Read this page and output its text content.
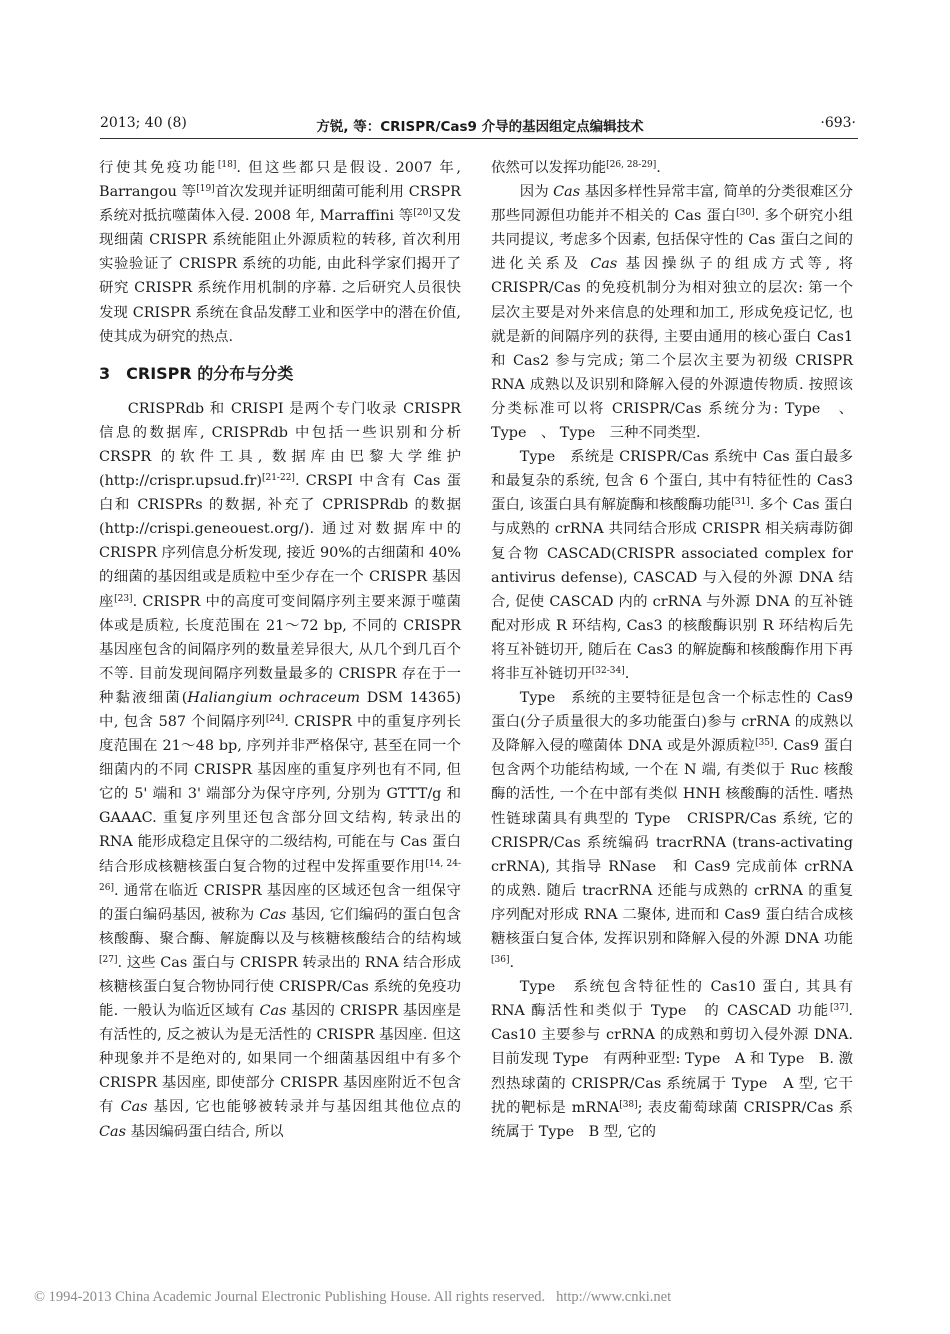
2013; 40 (8)	方锐, 等：CRISPR/Cas9 介导的基因组定点编辑技术	·693·

行使其免疫功能[18]. 但这些都只是假设. 2007 年, Barrangou 等[19]首次发现并证明细菌可能利用 CRSPR 系统对抵抗噬菌体入侵. 2008 年, Marraffini 等[20]又发现细菌 CRISPR 系统能阻止外源质粒的转移, 首次利用实验验证了 CRISPR 系统的功能, 由此科学家们揭开了研究 CRISPR 系统作用机制的序幕. 之后研究人员很快发现 CRISPR 系统在食品发酵工业和医学中的潜在价值, 使其成为研究的热点.

3　CRISPR 的分布与分类

CRISPRdb 和 CRISPI 是两个专门收录 CRISPR 信息的数据库, CRISPRdb 中包括一些识别和分析 CRSPR 的软件工具, 数据库由巴黎大学维护(http://crispr.upsud.fr)[21-22]. CRSPI 中含有 Cas 蛋白和 CRISPRs 的数据, 补充了 CPRISPRdb 的数据(http://crispi.geneouest.org/). 通过对数据库中的 CRISPR 序列信息分析发现, 接近 90%的古细菌和 40%的细菌的基因组或是质粒中至少存在一个 CRISPR 基因座[23]. CRISPR 中的高度可变间隔序列主要来源于噬菌体或是质粒, 长度范围在 21～72 bp, 不同的 CRISPR 基因座包含的间隔序列的数量差异很大, 从几个到几百个不等. 目前发现间隔序列数量最多的 CRISPR 存在于一种黏液细菌(Haliangium ochraceum DSM 14365)中, 包含 587 个间隔序列[24]. CRISPR 中的重复序列长度范围在 21～48 bp, 序列并非严格保守, 甚至在同一个细菌内的不同 CRISPR 基因座的重复序列也有不同, 但它的 5' 端和 3' 端部分为保守序列, 分别为 GTTT/g 和 GAAAC. 重复序列里还包含部分回文结构, 转录出的 RNA 能形成稳定且保守的二级结构, 可能在与 Cas 蛋白结合形成核糖核蛋白复合物的过程中发挥重要作用[14, 24-26]. 通常在临近 CRISPR 基因座的区域还包含一组保守的蛋白编码基因, 被称为 Cas 基因, 它们编码的蛋白包含核酸酶、聚合酶、解旋酶以及与核糖核酸结合的结构域[27]. 这些 Cas 蛋白与 CRISPR 转录出的 RNA 结合形成核糖核蛋白复合物协同行使 CRISPR/Cas 系统的免疫功能. 一般认为临近区域有 Cas 基因的 CRISPR 基因座是有活性的, 反之被认为是无活性的 CRISPR 基因座. 但这种现象并不是绝对的, 如果同一个细菌基因组中有多个 CRISPR 基因座, 即使部分 CRISPR 基因座附近不包含有 Cas 基因, 它也能够被转录并与基因组其他位点的 Cas 基因编码蛋白结合, 所以

依然可以发挥功能[26, 28-29].

因为 Cas 基因多样性异常丰富, 简单的分类很难区分那些同源但功能并不相关的 Cas 蛋白[30]. 多个研究小组共同提议, 考虑多个因素, 包括保守性的 Cas 蛋白之间的进化关系及 Cas 基因操纵子的组成方式等, 将 CRISPR/Cas 的免疫机制分为相对独立的层次: 第一个层次主要是对外来信息的处理和加工, 形成免疫记忆, 也就是新的间隔序列的获得, 主要由通用的核心蛋白 Cas1 和 Cas2 参与完成; 第二个层次主要为初级 CRISPR RNA 成熟以及识别和降解入侵的外源遗传物质. 按照该分类标准可以将 CRISPR/Cas 系统分为: Type　、Type　、 Type　三种不同类型.

Type　系统是 CRISPR/Cas 系统中 Cas 蛋白最多和最复杂的系统, 包含 6 个蛋白, 其中有特征性的 Cas3 蛋白, 该蛋白具有解旋酶和核酸酶功能[31]. 多个 Cas 蛋白与成熟的 crRNA 共同结合形成 CRISPR 相关病毒防御复合物 CASCAD(CRISPR associated complex for antivirus defense), CASCAD 与入侵的外源 DNA 结合, 促使 CASCAD 内的 crRNA 与外源 DNA 的互补链配对形成 R 环结构, Cas3 的核酸酶识别 R 环结构后先将互补链切开, 随后在 Cas3 的解旋酶和核酸酶作用下再将非互补链切开[32-34].

Type　系统的主要特征是包含一个标志性的 Cas9 蛋白(分子质量很大的多功能蛋白)参与 crRNA 的成熟以及降解入侵的噬菌体 DNA 或是外源质粒[35]. Cas9 蛋白包含两个功能结构域, 一个在 N 端, 有类似于 Ruc 核酸酶的活性, 一个在中部有类似 HNH 核酸酶的活性. 嗜热性链球菌具有典型的 Type　CRISPR/Cas 系统, 它的 CRISPR/Cas 系统编码 tracrRNA (trans-activating crRNA), 其指导 RNase　和 Cas9 完成前体 crRNA 的成熟. 随后 tracrRNA 还能与成熟的 crRNA 的重复序列配对形成 RNA 二聚体, 进而和 Cas9 蛋白结合成核糖核蛋白复合体, 发挥识别和降解入侵的外源 DNA 功能[36].

Type　系统包含特征性的 Cas10 蛋白, 其具有 RNA 酶活性和类似于 Type　的 CASCAD 功能[37]. Cas10 主要参与 crRNA 的成熟和剪切入侵外源 DNA. 目前发现 Type　有两种亚型: Type　A 和 Type　B. 激烈热球菌的 CRISPR/Cas 系统属于 Type　A 型, 它干扰的靶标是 mRNA[38]; 表皮葡萄球菌 CRISPR/Cas 系统属于 Type　B 型, 它的

© 1994-2013 China Academic Journal Electronic Publishing House. All rights reserved. http://www.cnki.net
